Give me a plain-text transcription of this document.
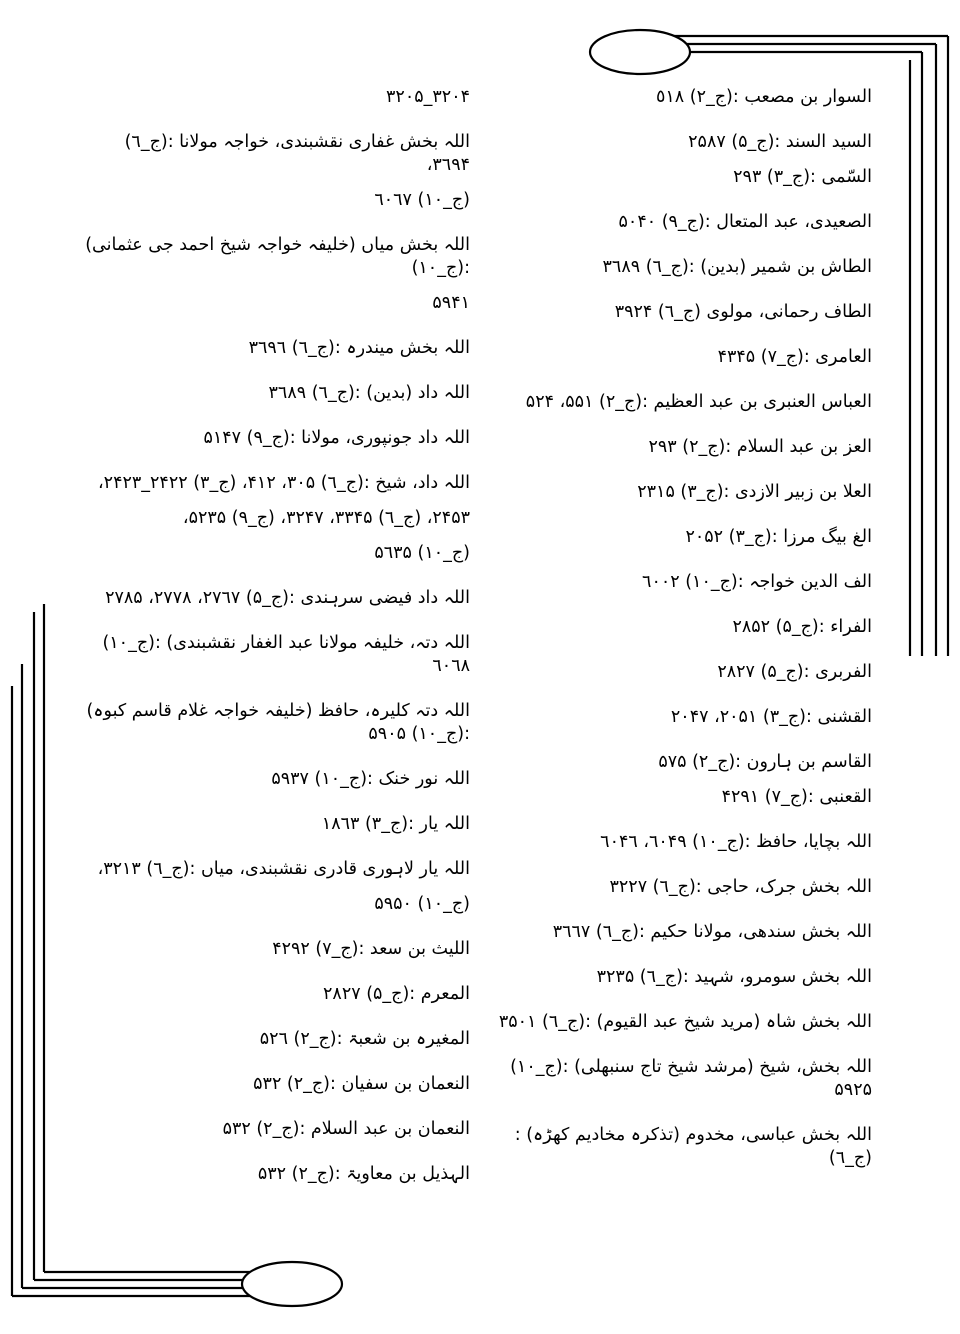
السوار بن مصعب :(ج_٢) ٥١٨
السید السند :(ج_۵) ٢۵٨٧
السّمی :(ج_٣) ٢٩٣
الصعیدی، عبد المتعال :(ج_٩) ۵٠۴٠
الطاش بن شمیر (بدین) :(ج_٦) ٣٦٨٩
الطاف رحمانی، مولوی (ج_٦) ٣٩٢۴
العامری :(ج_٧) ۴٣۴۵
العباس العنبری بن عبد العظیم :(ج_٢) ۵۵١، ۵٢۴
العز بن عبد السلام :(ج_٢) ٢٩٣
العلا بن زبیر الازدی :(ج_٣) ٢٣١۵
الغ بیگ مرزا :(ج_٣) ٢٠۵٢
الف الدین خواجہ :(ج_١٠) ٦٠٠٢
الفراء :(ج_۵) ٢٨۵٢
الفربری :(ج_۵) ٢٨٢٧
القشنی :(ج_٣) ٢٠۵١، ٢٠۴٧
القاسم بن ہارون :(ج_٢) ۵٧۵
القعنبی :(ج_٧) ۴٢٩١
اللہ بچایا، حافظ :(ج_١٠) ٦٠۴٩، ٦٠۴٦
اللہ بخش جرک، حاجی :(ج_٦) ٣٢٢٧
اللہ بخش سندھی، مولانا حکیم :(ج_٦) ٣٦٦٧
اللہ بخش سومرو، شہید :(ج_٦) ٣٢٣۵
اللہ بخش شاہ (مرید شیخ عبد القیوم) :(ج_٦) ٣۵٠١
اللہ بخش، شیخ (مرشد شیخ تاج سنبھلی) :(ج_١٠) ۵٩٢۵
اللہ بخش عباسی، مخدوم (تذکرہ مخادیم کھڑہ) :(ج_٦)
٣٢٠۴_٣٢٠۵
اللہ بخش غفاری نقشبندی، خواجہ مولانا :(ج_٦) ٣٦٩۴،
(ج_١٠) ٦٠٦٧
اللہ بخش میاں (خلیفہ خواجہ شیخ احمد جی عثمانی) :(ج_١٠)
۵٩۴١
اللہ بخش میندرہ :(ج_٦) ٣٦٩٦
اللہ داد (بدین) :(ج_٦) ٣٦٨٩
اللہ داد جونپوری، مولانا :(ج_٩) ۵١۴٧
اللہ داد، شیخ :(ج_٦) ٣٠۵، ۴١٢، (ج_٣) ٢۴٢٢_٢۴٢٣،
٢۴۵٣، (ج_٦) ٣٣۴۵، ٣٢۴٧، (ج_٩) ۵٢٣۵،
(ج_١٠) ۵٦٣۵
اللہ داد فیضی سرہندی :(ج_۵) ٢٧٦٧، ٢٧٧٨، ٢٧٨۵
اللہ دتہ، خلیفہ مولانا عبد الغفار نقشبندی) :(ج_١٠) ٦٠٦٨
اللہ دتہ کلیرہ، حافظ (خلیفہ خواجہ غلام قاسم کبوہ) :(ج_١٠) ۵٩٠۵
اللہ نور خنک :(ج_١٠) ۵٩٣٧
اللہ یار :(ج_٣) ١٨٦٣
اللہ یار لاہوری قادری نقشبندی، میاں :(ج_٦) ٣٢١٣،
(ج_١٠) ۵٩۵٠
اللیث بن سعد :(ج_٧) ۴٢٩٢
المعرم :(ج_۵) ٢٨٢٧
المغیرہ بن شعبۃ :(ج_٢) ۵٢٦
النعمان بن سفیان :(ج_٢) ۵٣٢
النعمان بن عبد السلام :(ج_٢) ۵٣٢
الہذیل بن معاویۃ :(ج_٢) ۵٣٢
